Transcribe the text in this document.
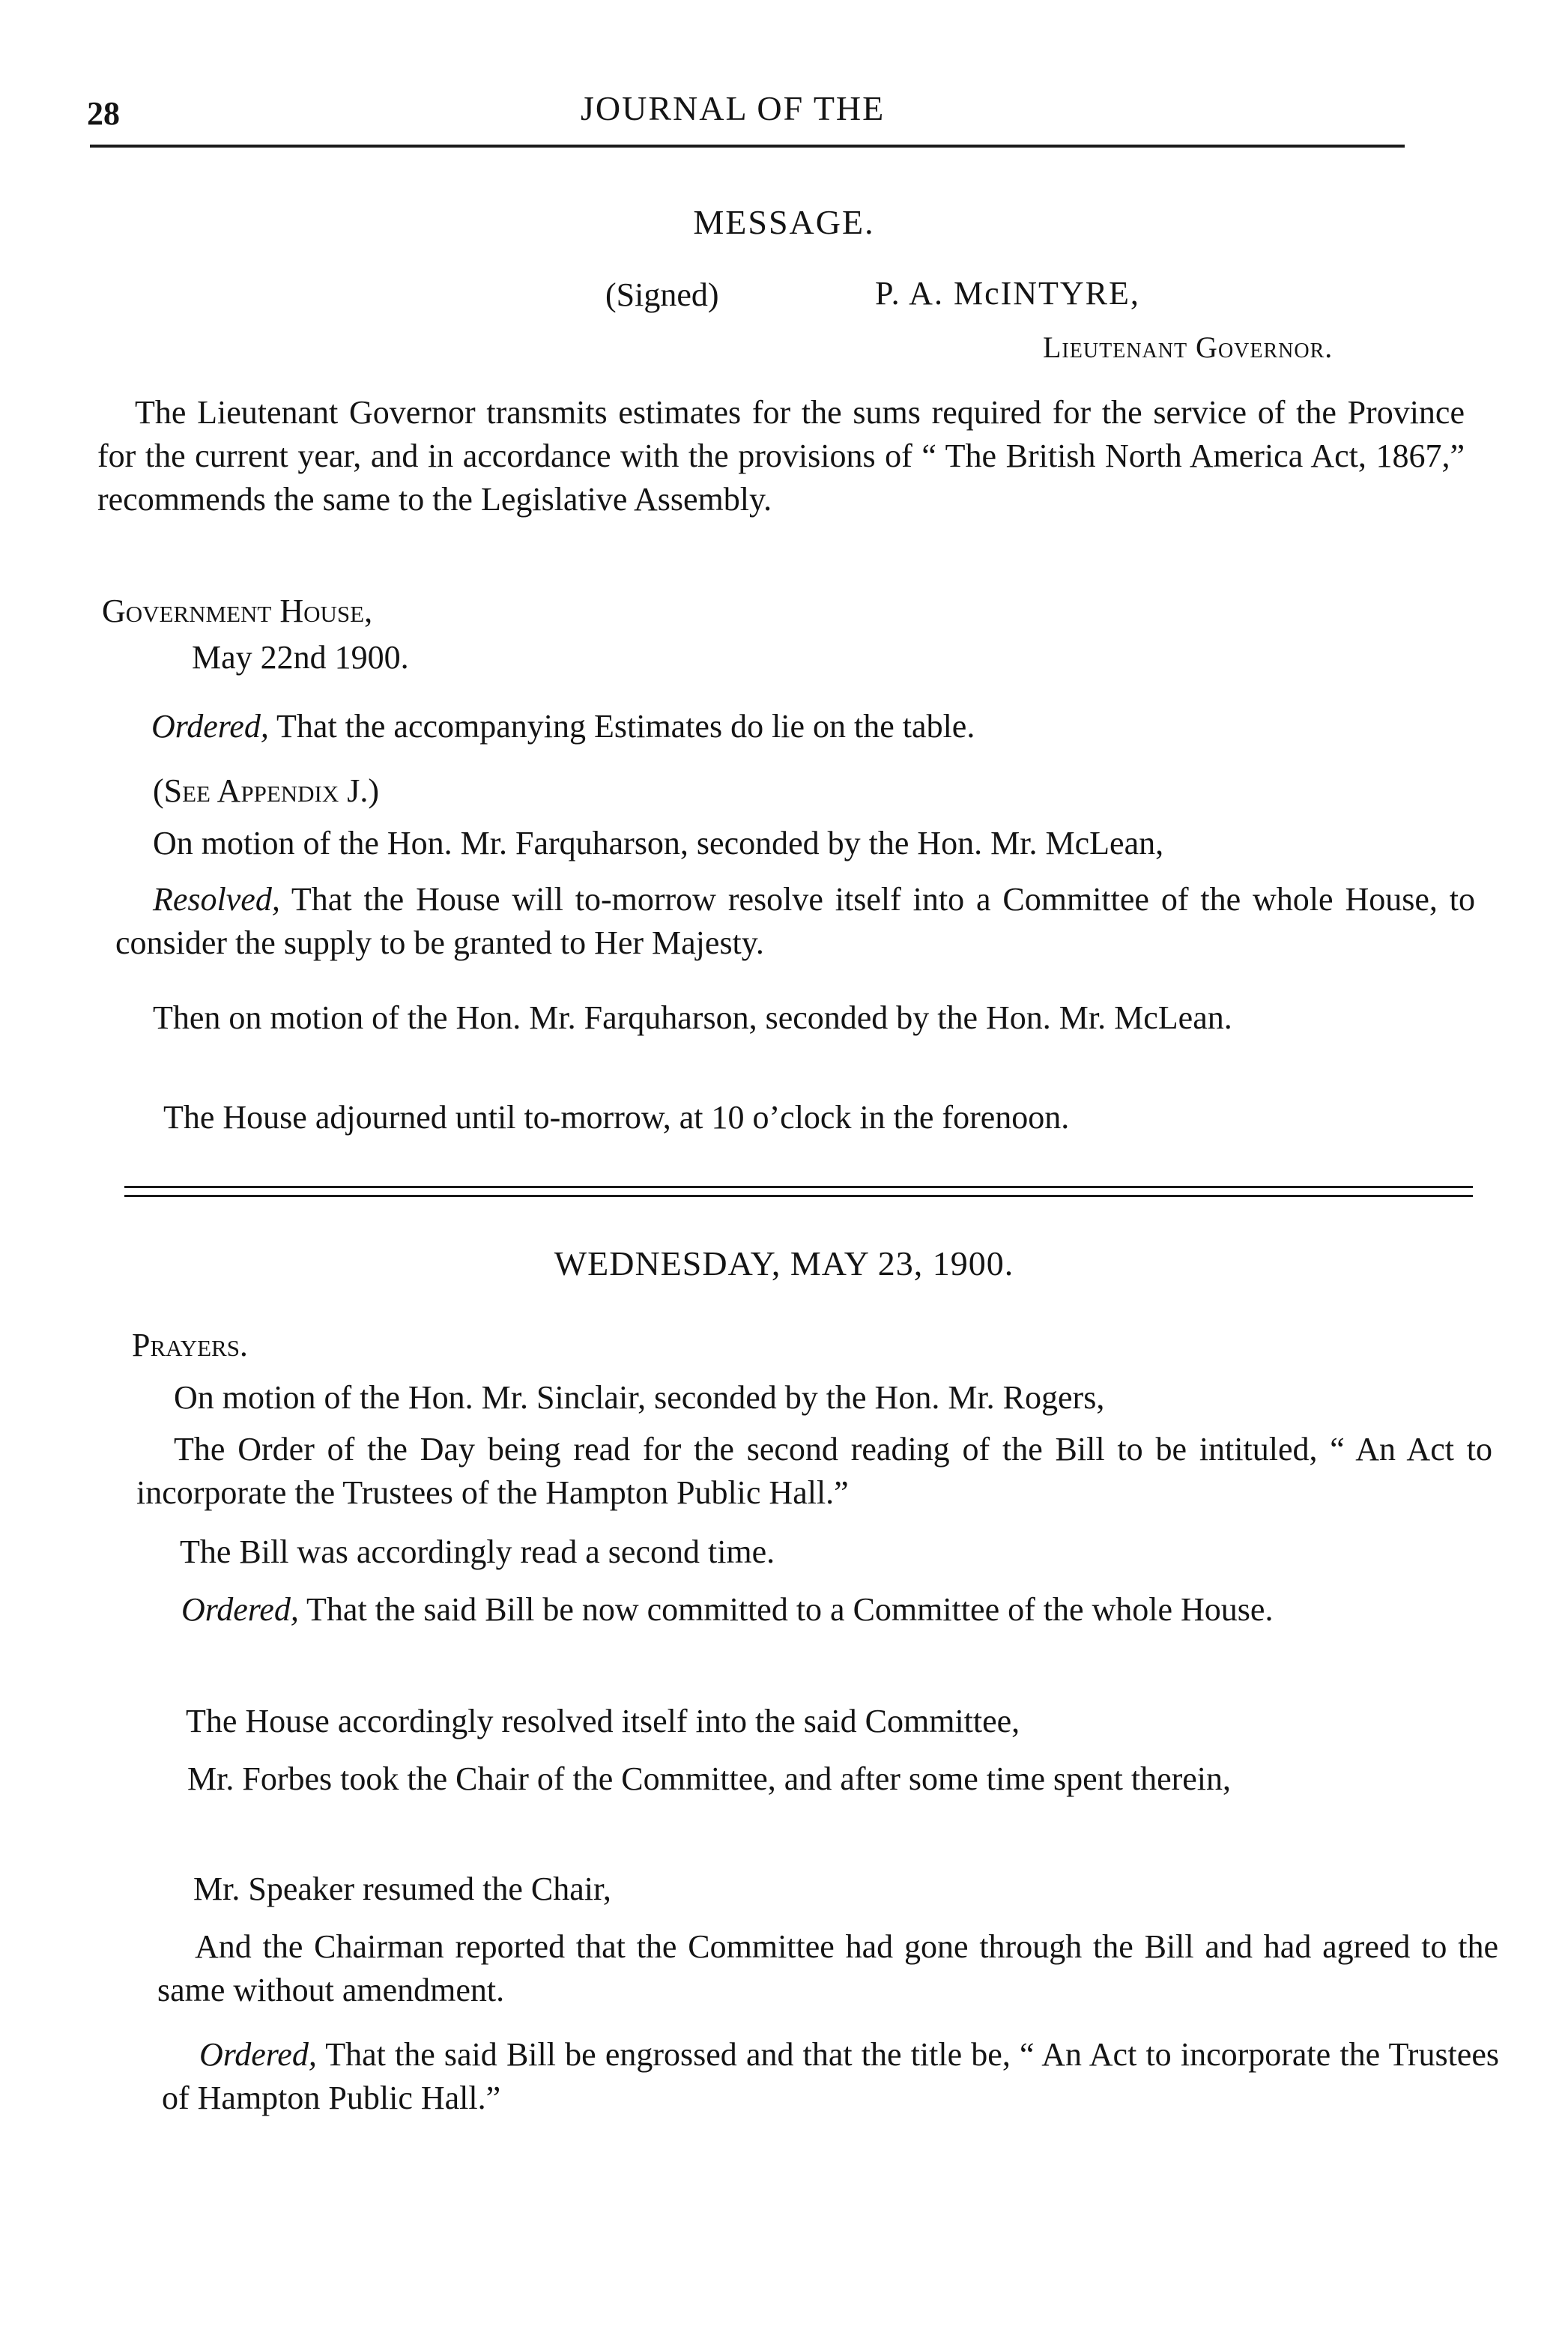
28	JOURNAL OF THE
MESSAGE.
(Signed)	P. A. McINTYRE,
Lieutenant Governor.
The Lieutenant Governor transmits estimates for the sums required for the service of the Province for the current year, and in accordance with the provisions of “ The British North America Act, 1867,” recommends the same to the Legislative Assembly.
Government House,
May 22nd 1900.
Ordered, That the accompanying Estimates do lie on the table.
(See Appendix J.)
On motion of the Hon. Mr. Farquharson, seconded by the Hon. Mr. McLean,
Resolved, That the House will to-morrow resolve itself into a Committee of the whole House, to consider the supply to be granted to Her Majesty.
Then on motion of the Hon. Mr. Farquharson, seconded by the Hon. Mr. McLean.
The House adjourned until to-morrow, at 10 o’clock in the forenoon.
WEDNESDAY, MAY 23, 1900.
Prayers.
On motion of the Hon. Mr. Sinclair, seconded by the Hon. Mr. Rogers,
The Order of the Day being read for the second reading of the Bill to be intituled, “ An Act to incorporate the Trustees of the Hampton Public Hall.”
The Bill was accordingly read a second time.
Ordered, That the said Bill be now committed to a Committee of the whole House.
The House accordingly resolved itself into the said Committee,
Mr. Forbes took the Chair of the Committee, and after some time spent therein,
Mr. Speaker resumed the Chair,
And the Chairman reported that the Committee had gone through the Bill and had agreed to the same without amendment.
Ordered, That the said Bill be engrossed and that the title be, “ An Act to incorporate the Trustees of Hampton Public Hall.”
